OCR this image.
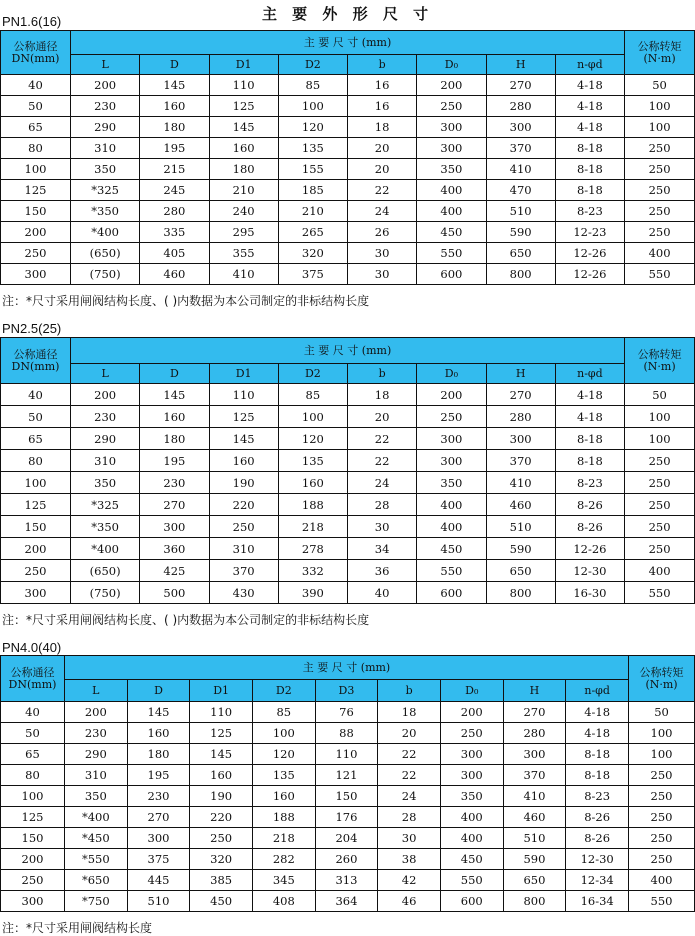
主 要 外 形 尺 寸
PN1.6(16)
公称通径
DN(mm)	主 要 尺 寸 (mm)								公称转矩
(N·m)

	L	D	D1	D2	b	D₀	H	n-φd	
40	200	145	110	85	16	200	270	4-18	50
50	230	160	125	100	16	250	280	4-18	100
65	290	180	145	120	18	300	300	4-18	100
80	310	195	160	135	20	300	370	8-18	250
100	350	215	180	155	20	350	410	8-18	250
125	*325	245	210	185	22	400	470	8-18	250
150	*350	280	240	210	24	400	510	8-23	250
200	*400	335	295	265	26	450	590	12-23	250
250	(650)	405	355	320	30	550	650	12-26	400
300	(750)	460	410	375	30	600	800	12-26	550
注：*尺寸采用闸阀结构长度、( )内数据为本公司制定的非标结构长度
PN2.5(25)
公称通径
DN(mm)	主 要 尺 寸 (mm)								公称转矩
(N·m)

	L	D	D1	D2	b	D₀	H	n-φd	
40	200	145	110	85	18	200	270	4-18	50
50	230	160	125	100	20	250	280	4-18	100
65	290	180	145	120	22	300	300	8-18	100
80	310	195	160	135	22	300	370	8-18	250
100	350	230	190	160	24	350	410	8-23	250
125	*325	270	220	188	28	400	460	8-26	250
150	*350	300	250	218	30	400	510	8-26	250
200	*400	360	310	278	34	450	590	12-26	250
250	(650)	425	370	332	36	550	650	12-30	400
300	(750)	500	430	390	40	600	800	16-30	550
注：*尺寸采用闸阀结构长度、( )内数据为本公司制定的非标结构长度
PN4.0(40)
公称通径
DN(mm)	主 要 尺 寸 (mm)									公称转矩
(N·m)

	L	D	D1	D2	D3	b	D₀	H	n-φd	
40	200	145	110	85	76	18	200	270	4-18	50
50	230	160	125	100	88	20	250	280	4-18	100
65	290	180	145	120	110	22	300	300	8-18	100
80	310	195	160	135	121	22	300	370	8-18	250
100	350	230	190	160	150	24	350	410	8-23	250
125	*400	270	220	188	176	28	400	460	8-26	250
150	*450	300	250	218	204	30	400	510	8-26	250
200	*550	375	320	282	260	38	450	590	12-30	250
250	*650	445	385	345	313	42	550	650	12-34	400
300	*750	510	450	408	364	46	600	800	16-34	550
注：*尺寸采用闸阀结构长度
